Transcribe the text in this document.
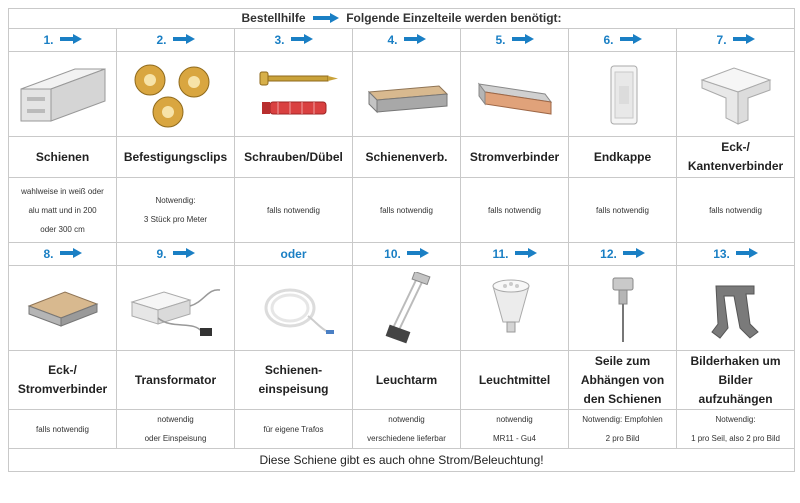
Bestellhilfe Folgende Einzelteile werden benötigt:						
1.	2.	3.	4.	5.	6.	7.

Schienen	Befestigungsclips	Schrauben/Dübel	Schienenverb.	Stromverbinder	Endkappe	Eck-/
Kantenverbinder

wahlweise in weiß oder
alu matt und in 200
oder 300 cm	Notwendig:
3 Stück pro Meter	falls notwendig	falls notwendig	falls notwendig	falls notwendig	falls notwendig

8.	9.	oder	10.	11.	12.	13.

Eck-/
Stromverbinder	Transformator	Schienen-
einspeisung	Leuchtarm	Leuchtmittel	Seile zum
Abhängen von
den Schienen	Bilderhaken um
Bilder
aufzuhängen

falls notwendig	notwendig
oder Einspeisung	für eigene Trafos	notwendig
verschiedene lieferbar	notwendig
MR11 - Gu4	Notwendig: Empfohlen
2 pro Bild	Notwendig:
1 pro Seil, also 2 pro Bild

Diese Schiene gibt es auch ohne Strom/Beleuchtung!						
